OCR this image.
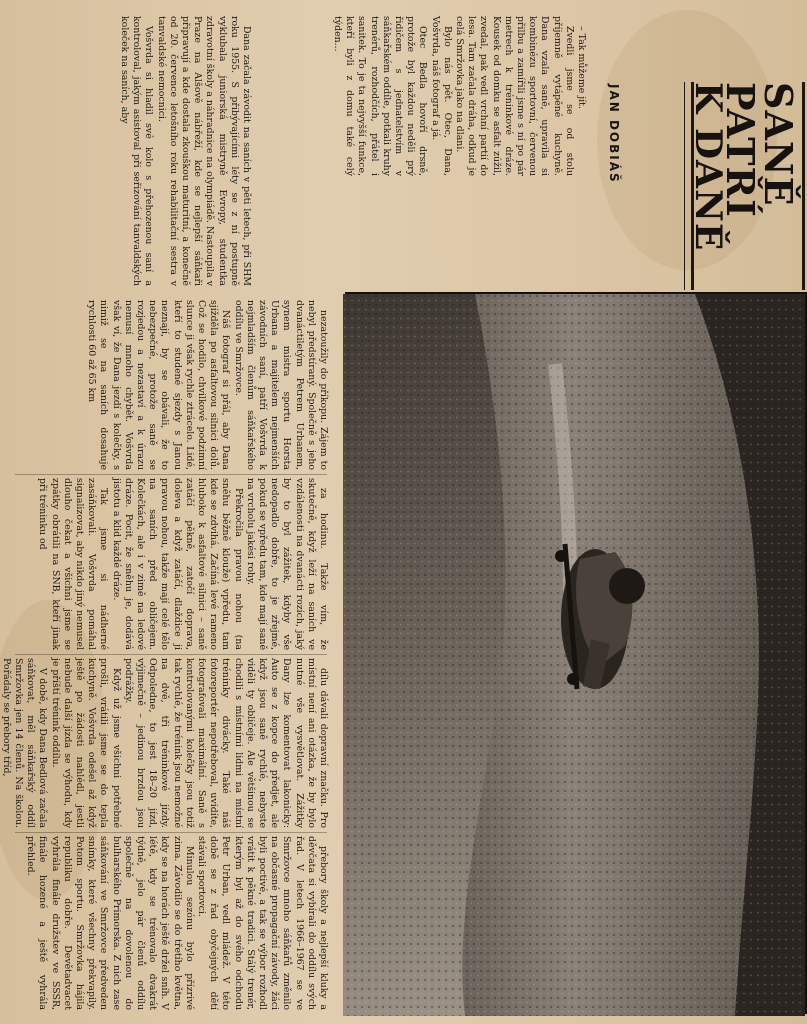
SANĚ
PATŘÍ
K DANĚ
JAN DOBIÁŠ

– Tak můžeme jít.

Zvedli jsme se od stolu příjemně vytápěné kuchyně. Dana vzala saně, upravila si kombinézu sportovní, červenou přilbu a zamířili jsme s ní po pár metrech k tréninkové dráze. Kousek od domku se asfalt zúžil, zvedal, pak vedl vrchní partií do lesa. Tam začala dráha, odkud je celá Smržovka jako na dlani.

Bylo nás pět. Otec, Dana, Vošvrda, náš fotograf a já.

Otec Bedla hovoří drsně, protože byl každou neděli prý řidičem s jednatelstvím v sáňkařském oddíle, potkali kruhy trenérů, rozhodčích, přátel i sanitek. To je ta nejvyšší funkce, kteří byli z domu také celý týden...

Dana začala závodit na saních v pěti letech, při SHM roku 1955. S přibývajícími léty se z ní postupně vyklubala juniorská mistryně Evropy, studentka zdravotní školy a náhradnice na olympiádě. Nastoupila v Praze na Alšově nábřeží, kde se nejlepší sáňkaři připravují a kde dostala zkouškou maturitní, a konečně od 20. července letošního roku rehabilitační sestra v tanvaldské nemocnici.

Vošvrda si hladil své kolo s přehozenou saní a kontroloval, jakým asistoval při seřizování tanvaldských koleček na saních, aby

nezatoužily do příkopu. Zájem to nebyl předstíraný. Společně s jeho dvanáctiletým Petrem Urbanem, synem mistra sportu Horsta Urbana a majitelem nejmenších závodních saní, patří Vošvrda k nejmladším členům sáňkařského oddílu ve Smržovce.

Náš fotograf si přál, aby Dana sjížděla po asfaltovou silnici dolů. Což se hodilo, chvilkové podzimní slunce ji však rychle ztrácelo. Lidé, kteří to studené sjezdy s Janou neznají, by se obávali, že to nebezpečné, protože saně se rozjedou a nezastaví a k úrazu nemusí mnoho chybět. Vošvrda však ví, že Dana jezdí s kolečky, s nimiž se na saních dosahuje rychlosti 60 až 65 km

za hodinu. Takže vím, že skutečně, když leží na saních ve vzdálenosti na dvanácti rozích, jaký by to byl zážitek, kdyby vše nedopadlo dobře, to je zřejmé, pokud se vpředu tam, kde mají saně na vrcholu jakési rohy.

Překročila pravou nohou (na sněhu běžně klouže) vpředu, tam kde se zdvihá. Začíná levé rameno hluboko k asfaltové silnici – saně zatáčí pěkně, zatočí doprava, doleva a když zatáčí, dlaždice ji pravou nohou, takže mají celé tělo na saních před obličejem. Kolečkách, ale i v zimě na ledové dráze. Pocit, že sněhu je, dodává jistotu a klid každé dráze.

Tak jsme si nádherné zasáňkovali. Vošvrda pomáhal signalizovat, aby nikdo jiný nemusel dlouho čekat a všichni jsme se zpátky obrátili na SNB, kteří jinak při tréninku od

dílu dávali dopravní značku. Pro místní není ani otázka, že by bylo nutné vše vysvětlovat. Zážitky Dany lze komentovat lakonicky: Auto se z kopce do předjet, ale když jsou saně rychlé, nebyste viděli ty obličeje. Ale většinou se chodili s místními lidmi na místní tréninky divácky. Také náš fotoreportér nepotřeboval, uvidíte, fotografovali maximální. Saně s kontrolovanými kolečky jsou totiž tak rychlé, že trénink jsou nemožné na dvě, tři tréninkové jízdy. Odpoledne, to jest 18–20 jízd, výjimečně – jedinou brzdou jsou podrážky.

Když už jsme všichni potřebné prošli, vrátili jsme se do tepla kuchyně. Vošvrda odešel až když ještě po žádosti nahlédl, jestli nebude další jízda se výhodu, kdy je příští trénink oddílu.

V době, kdy Dana Bedlová začala sáňkovat, měl sáňkařský oddíl Smržovka jen 14 členů. Na školou. Pořádaly se přebory tříd,

přebory školy a nejlepší kluky a děvčata si vybírali do oddílu svých řad. V letech 1966–1967 se ve Smržovce mnoho sáňkařů změnilo na občasné propagační závody, žáci byli poctivé, a tak se výbor rozhodl vrátit k pěkné tradici. Stálý trenér, kterým byl až do svého odchodu Petr Urban, vedl mládež. V této době se z řad obyčejných dětí stávali sportovci.

Minulou sezónu bylo přízrivé zima. Závodilo se do třetího května, kdy se na horách ještě držel sníh. V létě, kdy se trénovalo dvakrát týdně, jelo pár členů oddílu společně na dovolenou do bulharského Primorska. Z nich zase sáňkování ve Smržovce předveden snímky, které všechny překvapily. Potom sportu. Smržovka hájila republiku dobře. Devětadvacet vyhrála finále družstev ve SSSR, finále hozené a ještě vyhrála přehled.
